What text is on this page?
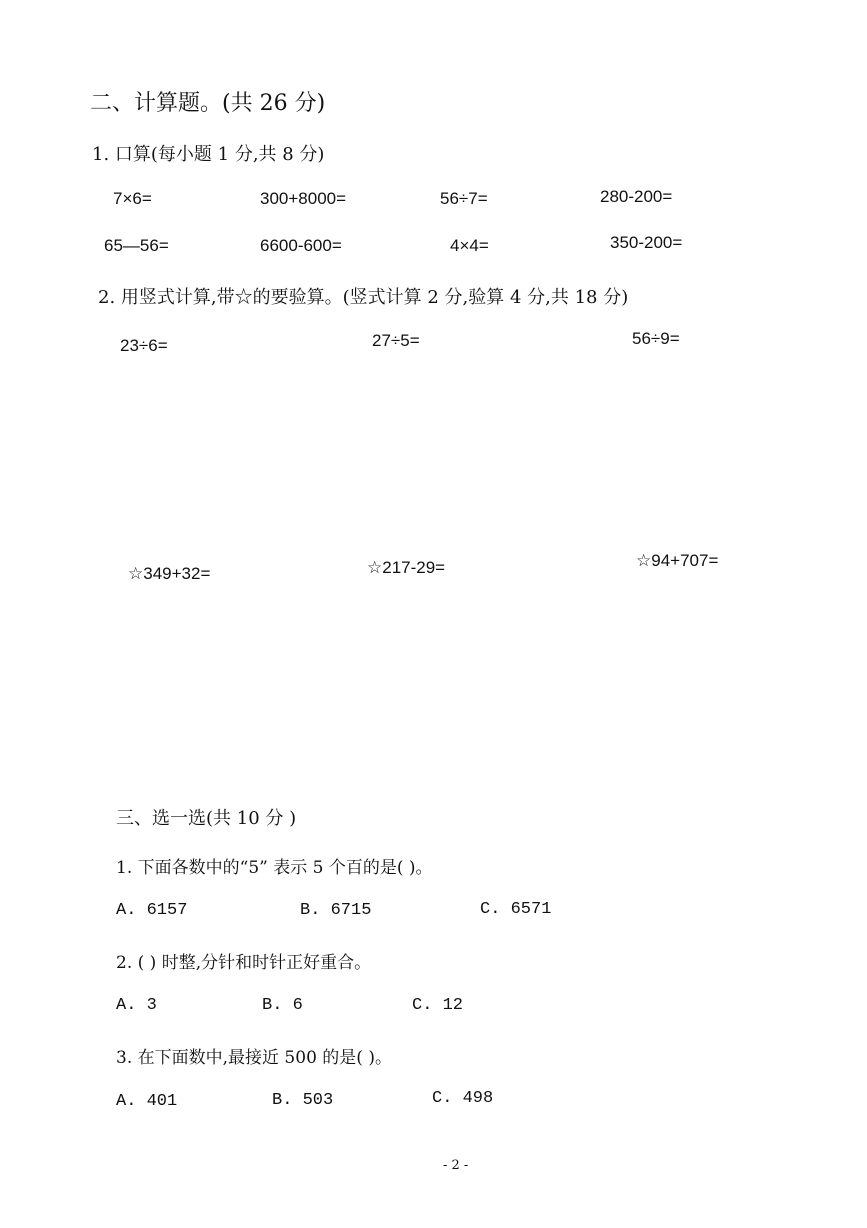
二、计算题。(共 26 分)
1. 口算(每小题 1 分,共 8 分)
7×6=	300+8000=	56÷7=	280-200=
65—56=	6600-600=	4×4=	350-200=
2. 用竖式计算,带☆的要验算。(竖式计算 2 分,验算 4 分,共 18 分)
23÷6=	27÷5=	56÷9=
☆349+32=	☆217-29=	☆94+707=
三、选一选(共 10 分 )
1. 下面各数中的“5” 表示 5 个百的是( )。
A. 6157	B. 6715	C. 6571
2. ( ) 时整,分针和时针正好重合。
A. 3	B. 6	C. 12
3. 在下面数中,最接近 500 的是( )。
A. 401	B. 503	C. 498
- 2 -
